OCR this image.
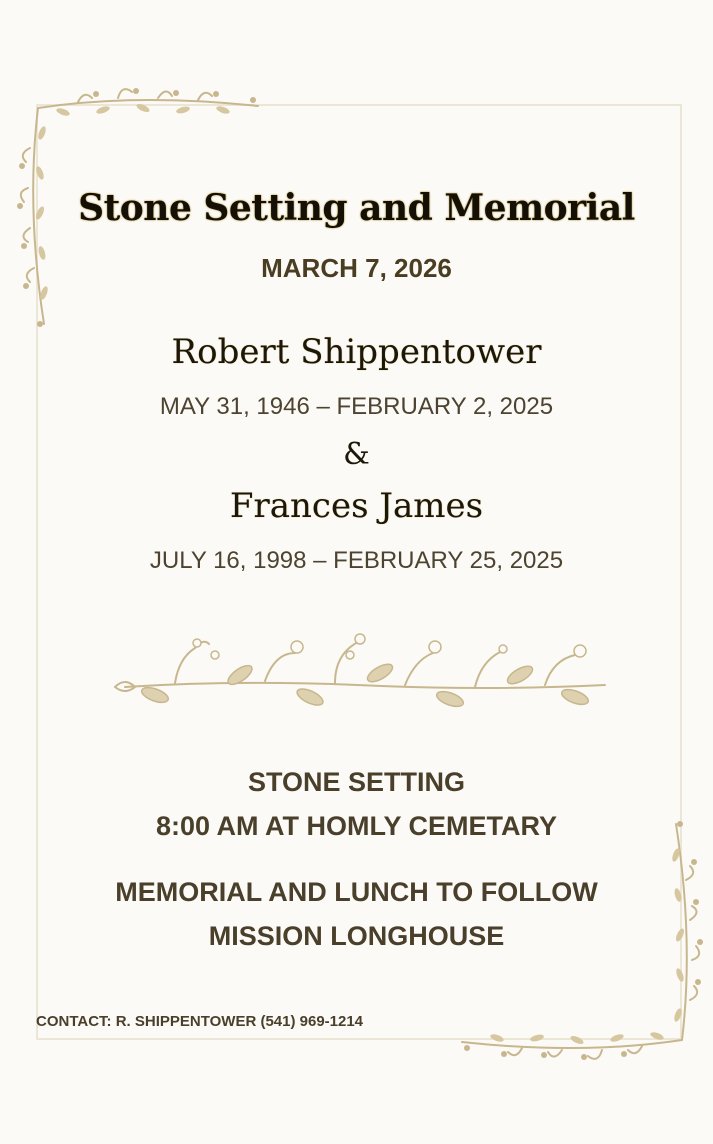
Stone Setting and Memorial
MARCH 7, 2026
Robert Shippentower
MAY 31, 1946 – FEBRUARY 2, 2025
&
Frances James
JULY 16, 1998 – FEBRUARY 25, 2025
STONE SETTING
8:00 AM AT HOMLY CEMETARY
MEMORIAL AND LUNCH TO FOLLOW
MISSION LONGHOUSE
CONTACT: R. SHIPPENTOWER (541) 969-1214
